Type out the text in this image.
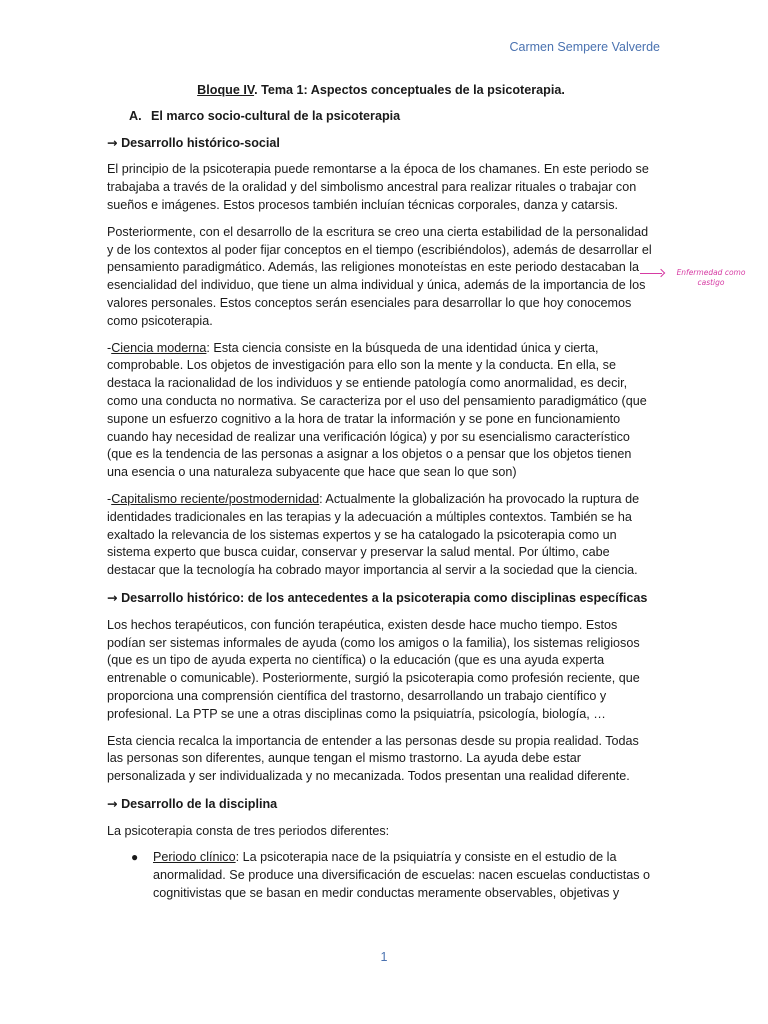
Carmen Sempere Valverde
Bloque IV. Tema 1: Aspectos conceptuales de la psicoterapia.
A. El marco socio-cultural de la psicoterapia
→ Desarrollo histórico-social

El principio de la psicoterapia puede remontarse a la época de los chamanes. En este periodo se trabajaba a través de la oralidad y del simbolismo ancestral para realizar rituales o trabajar con sueños e imágenes. Estos procesos también incluían técnicas corporales, danza y catarsis.

Posteriormente, con el desarrollo de la escritura se creo una cierta estabilidad de la personalidad y de los contextos al poder fijar conceptos en el tiempo (escribiéndolos), además de desarrollar el pensamiento paradigmático. Además, las religiones monoteístas en este periodo destacaban la esencialidad del individuo, que tiene un alma individual y única, además de la importancia de los valores personales. Estos conceptos serán esenciales para desarrollar lo que hoy conocemos como psicoterapia.

-Ciencia moderna: Esta ciencia consiste en la búsqueda de una identidad única y cierta, comprobable. Los objetos de investigación para ello son la mente y la conducta. En ella, se destaca la racionalidad de los individuos y se entiende patología como anormalidad, es decir, como una conducta no normativa. Se caracteriza por el uso del pensamiento paradigmático (que supone un esfuerzo cognitivo a la hora de tratar la información y se pone en funcionamiento cuando hay necesidad de realizar una verificación lógica) y por su esencialismo característico (que es la tendencia de las personas a asignar a los objetos o a pensar que los objetos tienen una esencia o una naturaleza subyacente que hace que sean lo que son)

-Capitalismo reciente/postmodernidad: Actualmente la globalización ha provocado la ruptura de identidades tradicionales en las terapias y la adecuación a múltiples contextos. También se ha exaltado la relevancia de los sistemas expertos y se ha catalogado la psicoterapia como un sistema experto que busca cuidar, conservar y preservar la salud mental. Por último, cabe destacar que la tecnología ha cobrado mayor importancia al servir a la sociedad que la ciencia.

→ Desarrollo histórico: de los antecedentes a la psicoterapia como disciplinas específicas

Los hechos terapéuticos, con función terapéutica, existen desde hace mucho tiempo. Estos podían ser sistemas informales de ayuda (como los amigos o la familia), los sistemas religiosos (que es un tipo de ayuda experta no científica) o la educación (que es una ayuda experta entrenable o comunicable). Posteriormente, surgió la psicoterapia como profesión reciente, que proporciona una comprensión científica del trastorno, desarrollando un trabajo científico y profesional. La PTP se une a otras disciplinas como la psiquiatría, psicología, biología, …

Esta ciencia recalca la importancia de entender a las personas desde su propia realidad. Todas las personas son diferentes, aunque tengan el mismo trastorno. La ayuda debe estar personalizada y ser individualizada y no mecanizada. Todos presentan una realidad diferente.

→ Desarrollo de la disciplina

La psicoterapia consta de tres periodos diferentes:

● Periodo clínico: La psicoterapia nace de la psiquiatría y consiste en el estudio de la anormalidad. Se produce una diversificación de escuelas: nacen escuelas conductistas o cognitivistas que se basan en medir conductas meramente observables, objetivas y
Enfermedad como castigo
1
